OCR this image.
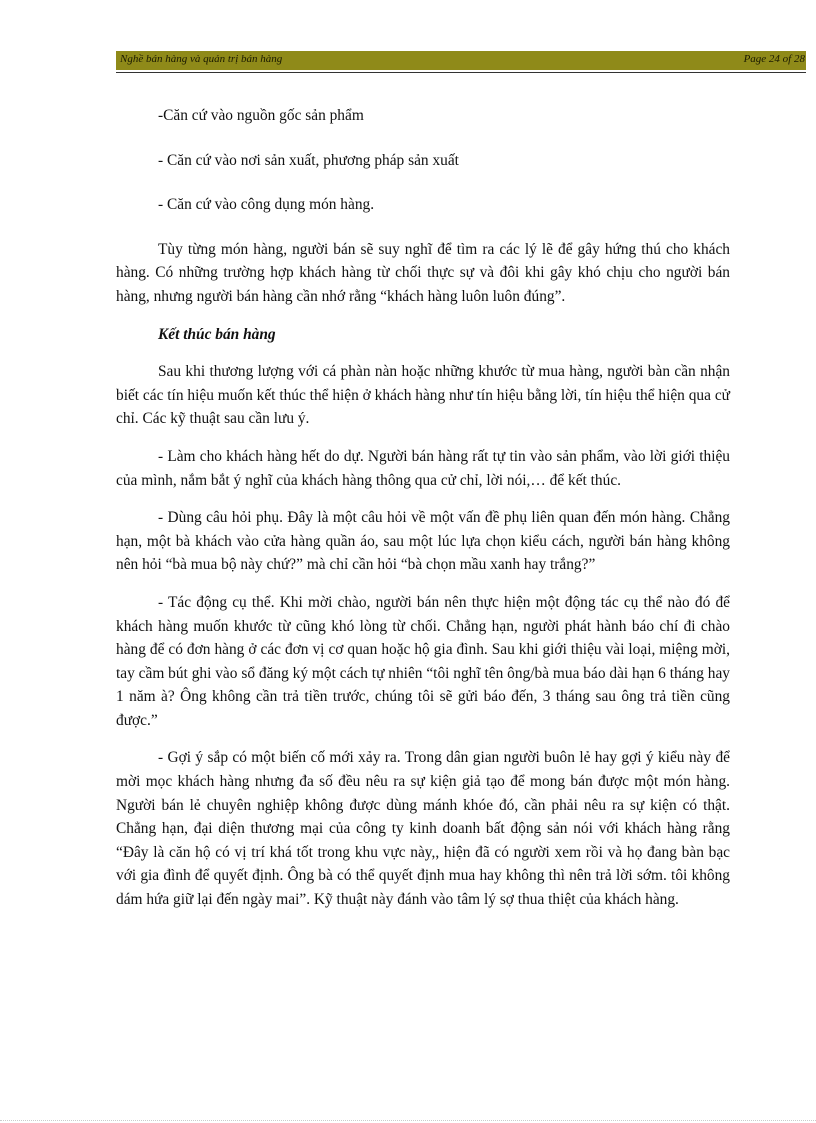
Nghề bán hàng và quản trị bán hàng	Page 24 of 28

-Căn cứ vào nguồn gốc sản phẩm

- Căn cứ vào nơi sản xuất, phương pháp sản xuất

- Căn cứ vào công dụng món hàng.

Tùy từng món hàng, người bán sẽ suy nghĩ để tìm ra các lý lẽ để gây hứng thú cho khách hàng. Có những trường hợp khách hàng từ chối thực sự và đôi khi gây khó chịu cho người bán hàng, nhưng người bán hàng cần nhớ rằng “khách hàng luôn luôn đúng”.

Kết thúc bán hàng

Sau khi thương lượng với cá phàn nàn hoặc những khước từ mua hàng, người bàn cần nhận biết các tín hiệu muốn kết thúc thể hiện ở khách hàng như tín hiệu bằng lời, tín hiệu thể hiện qua cử chỉ. Các kỹ thuật sau cần lưu ý.

- Làm cho khách hàng hết do dự. Người bán hàng rất tự tin vào sản phẩm, vào lời giới thiệu của mình, nắm bắt ý nghĩ của khách hàng thông qua cử chỉ, lời nói,… để kết thúc.

- Dùng câu hỏi phụ. Đây là một câu hỏi về một vấn đề phụ liên quan đến món hàng. Chẳng hạn, một bà khách vào cửa hàng quần áo, sau một lúc lựa chọn kiểu cách, người bán hàng không nên hỏi “bà mua bộ này chứ?” mà chỉ cần hỏi “bà chọn mầu xanh hay trắng?”

- Tác động cụ thể. Khi mời chào, người bán nên thực hiện một động tác cụ thể nào đó để khách hàng muốn khước từ cũng khó lòng từ chối. Chẳng hạn, người phát hành báo chí đi chào hàng để có đơn hàng ở các đơn vị cơ quan hoặc hộ gia đình. Sau khi giới thiệu vài loại, miệng mời, tay cầm bút ghi vào sổ đăng ký một cách tự nhiên “tôi nghĩ tên ông/bà mua báo dài hạn 6 tháng hay 1 năm à? Ông không cần trả tiền trước, chúng tôi sẽ gửi báo đến, 3 tháng sau ông trả tiền cũng được.”

- Gợi ý sắp có một biến cố mới xảy ra. Trong dân gian người buôn lẻ hay gợi ý kiểu này để mời mọc khách hàng nhưng đa số đều nêu ra sự kiện giả tạo để mong bán được một món hàng. Người bán lẻ chuyên nghiệp không được dùng mánh khóe đó, cần phải nêu ra sự kiện có thật. Chẳng hạn, đại diện thương mại của công ty kinh doanh bất động sản nói với khách hàng rằng “Đây là căn hộ có vị trí khá tốt trong khu vực này,, hiện đã có người xem rồi và họ đang bàn bạc với gia đình để quyết định. Ông bà có thể quyết định mua hay không thì nên trả lời sớm. tôi không dám hứa giữ lại đến ngày mai”. Kỹ thuật này đánh vào tâm lý sợ thua thiệt của khách hàng.
